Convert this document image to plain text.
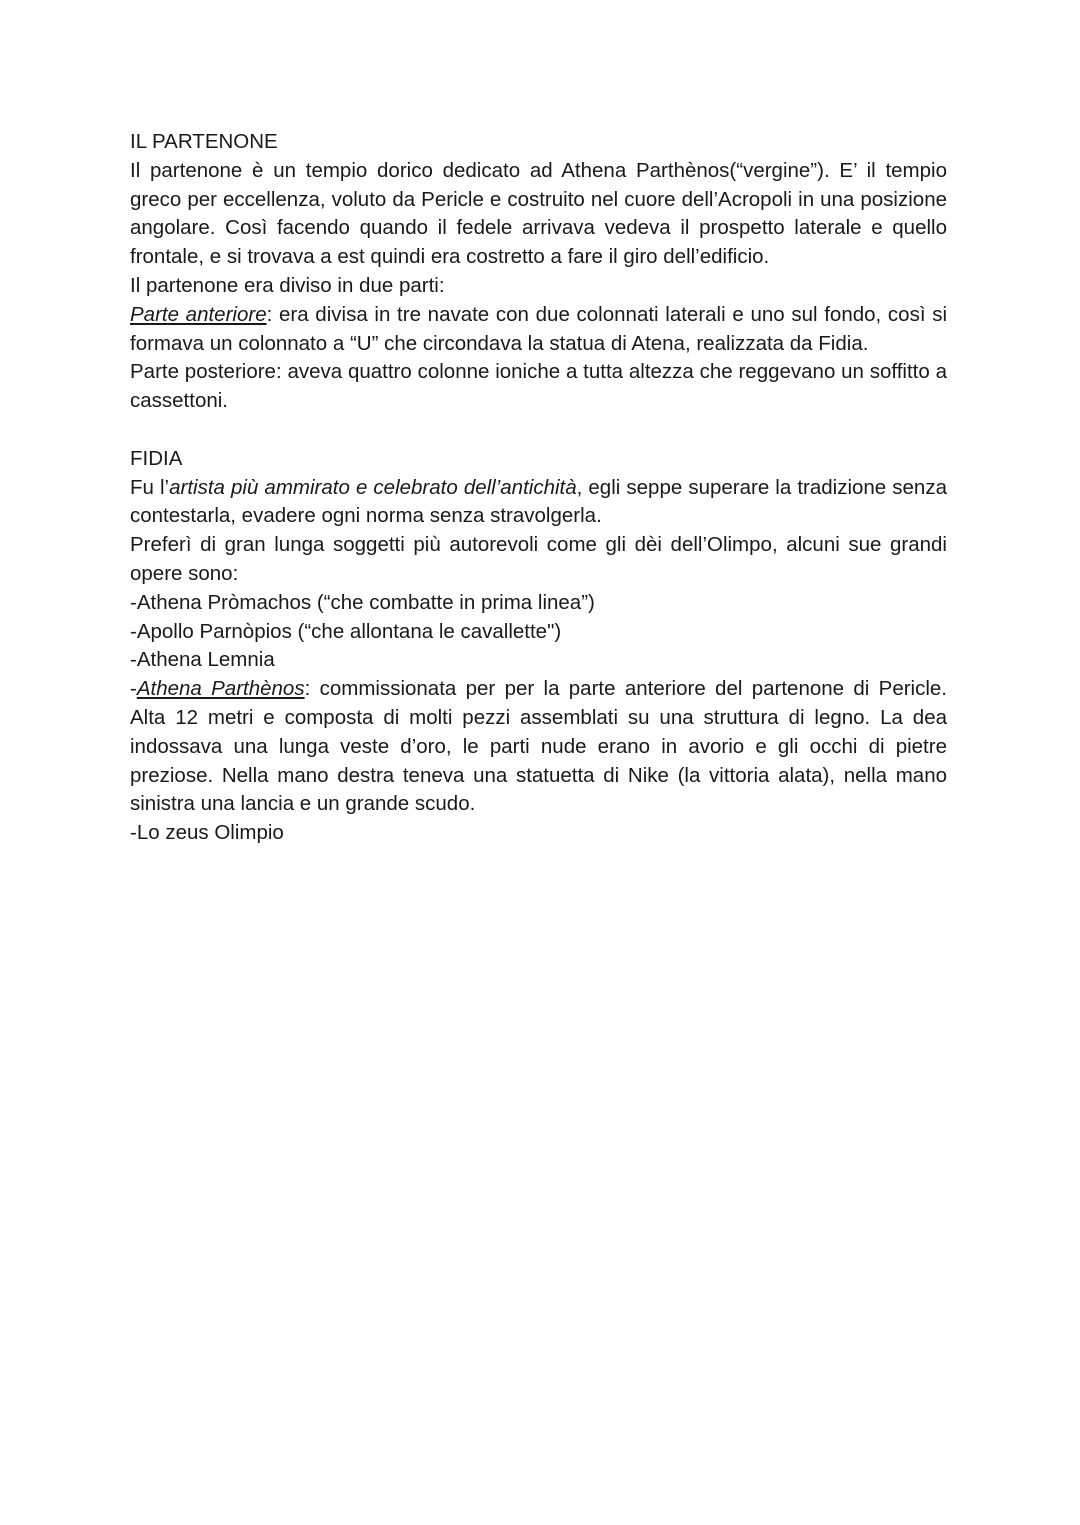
IL PARTENONE
Il partenone è un tempio dorico dedicato ad Athena Parthènos(“vergine”). E’ il tempio greco per eccellenza, voluto da Pericle e costruito nel cuore dell’Acropoli in una posizione angolare. Così facendo quando il fedele arrivava vedeva il prospetto laterale e quello frontale, e si trovava a est quindi era costretto a fare il giro dell’edificio.
Il partenone era diviso in due parti:
Parte anteriore: era divisa in tre navate con due colonnati laterali e uno sul fondo, così si formava un colonnato a “U” che circondava la statua di Atena, realizzata da Fidia.
Parte posteriore: aveva quattro colonne ioniche a tutta altezza che reggevano un soffitto a cassettoni.
FIDIA
Fu l’artista più ammirato e celebrato dell’antichità, egli seppe superare la tradizione senza contestarla, evadere ogni norma senza stravolgerla.
Preferì di gran lunga soggetti più autorevoli come gli dèi dell’Olimpo, alcuni sue grandi opere sono:
-Athena Pròmachos (“che combatte in prima linea”)
-Apollo Parnòpios (“che allontana le cavallette")
-Athena Lemnia
-Athena Parthènos: commissionata per per la parte anteriore del partenone di Pericle. Alta 12 metri e composta di molti pezzi assemblati su una struttura di legno. La dea indossava una lunga veste d’oro, le parti nude erano in avorio e gli occhi di pietre preziose. Nella mano destra teneva una statuetta di Nike (la vittoria alata), nella mano sinistra una lancia e un grande scudo.
-Lo zeus Olimpio
